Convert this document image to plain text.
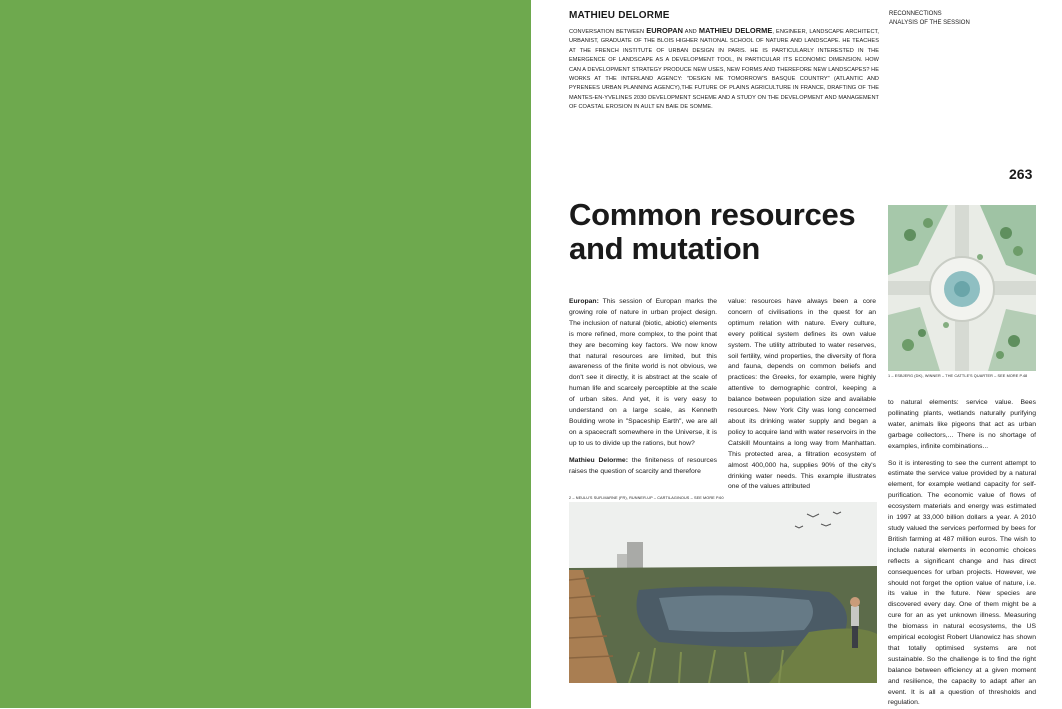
MATHIEU DELORME
CONVERSATION BETWEEN EUROPAN AND MATHIEU DELORME, ENGINEER, LANDSCAPE ARCHITECT, URBANIST, GRADUATE OF THE BLOIS HIGHER NATIONAL SCHOOL OF NATURE AND LANDSCAPE. HE TEACHES AT THE FRENCH INSTITUTE OF URBAN DESIGN IN PARIS. HE IS PARTICULARLY INTERESTED IN THE EMERGENCE OF LANDSCAPE AS A DEVELOPMENT TOOL, IN PARTICULAR ITS ECONOMIC DIMENSION. HOW CAN A DEVELOPMENT STRATEGY PRODUCE NEW USES, NEW FORMS AND THEREFORE NEW LANDSCAPES? HE WORKS AT THE INTERLAND AGENCY: "DESIGN ME TOMORROW'S BASQUE COUNTRY" (ATLANTIC AND PYRENEES URBAN PLANNING AGENCY),THE FUTURE OF PLAINS AGRICULTURE IN FRANCE, DRAFTING OF THE MANTES-EN-YVELINES 2030 DEVELOPMENT SCHEME AND A STUDY ON THE DEVELOPMENT AND MANAGEMENT OF COASTAL EROSION IN AULT EN BAIE DE SOMME.
RECONNECTIONS
ANALYSIS OF THE SESSION
263
Common resources
and mutation

Europan: This session of Europan marks the growing role of nature in urban project design. The inclusion of natural (biotic, abiotic) elements is more refined, more complex, to the point that they are becoming key factors. We now know that natural resources are limited, but this awareness of the finite world is not obvious, we don't see it directly, it is abstract at the scale of human life and scarcely perceptible at the scale of urban sites. And yet, it is very easy to understand on a large scale, as Kenneth Boulding wrote in "Spaceship Earth", we are all on a spacecraft somewhere in the Universe, it is up to us to divide up the rations, but how?

Mathieu Delorme: the finiteness of resources raises the question of scarcity and therefore

value: resources have always been a core concern of civilisations in the quest for an optimum relation with nature. Every culture, every political system defines its own value system. The utility attributed to water reserves, soil fertility, wind properties, the diversity of flora and fauna, depends on common beliefs and practices: the Greeks, for example, were highly attentive to demographic control, keeping a balance between population size and available resources. New York City was long concerned about its drinking water supply and began a policy to acquire land with water reservoirs in the Catskill Mountains a long way from Manhattan. This protected area, a filtration ecosystem of almost 400,000 ha, supplies 90% of the city's drinking water needs. This example illustrates one of the values attributed

1 – ESBJERG (DK), WINNER – THE CATTLE'S QUARTER – SEE MORE P.48
2 – NEULU'S SUR-MARNE (FR), RUNNER-UP – CARTILAGINOUS – SEE MORE P.60

to natural elements: service value. Bees pollinating plants, wetlands naturally purifying water, animals like pigeons that act as urban garbage collectors,... There is no shortage of examples, infinite combinations...

So it is interesting to see the current attempt to estimate the service value provided by a natural element, for example wetland capacity for self-purification. The economic value of flows of ecosystem materials and energy was estimated in 1997 at 33,000 billion dollars a year. A 2010 study valued the services performed by bees for British farming at 487 million euros. The wish to include natural elements in economic choices reflects a significant change and has direct consequences for urban projects. However, we should not forget the option value of nature, i.e. its value in the future. New species are discovered every day. One of them might be a cure for an as yet unknown illness. Measuring the biomass in natural ecosystems, the US empirical ecologist Robert Ulanowicz has shown that totally optimised systems are not sustainable. So the challenge is to find the right balance between efficiency at a given moment and resilience, the capacity to adapt after an event. It is all a question of thresholds and regulation.
